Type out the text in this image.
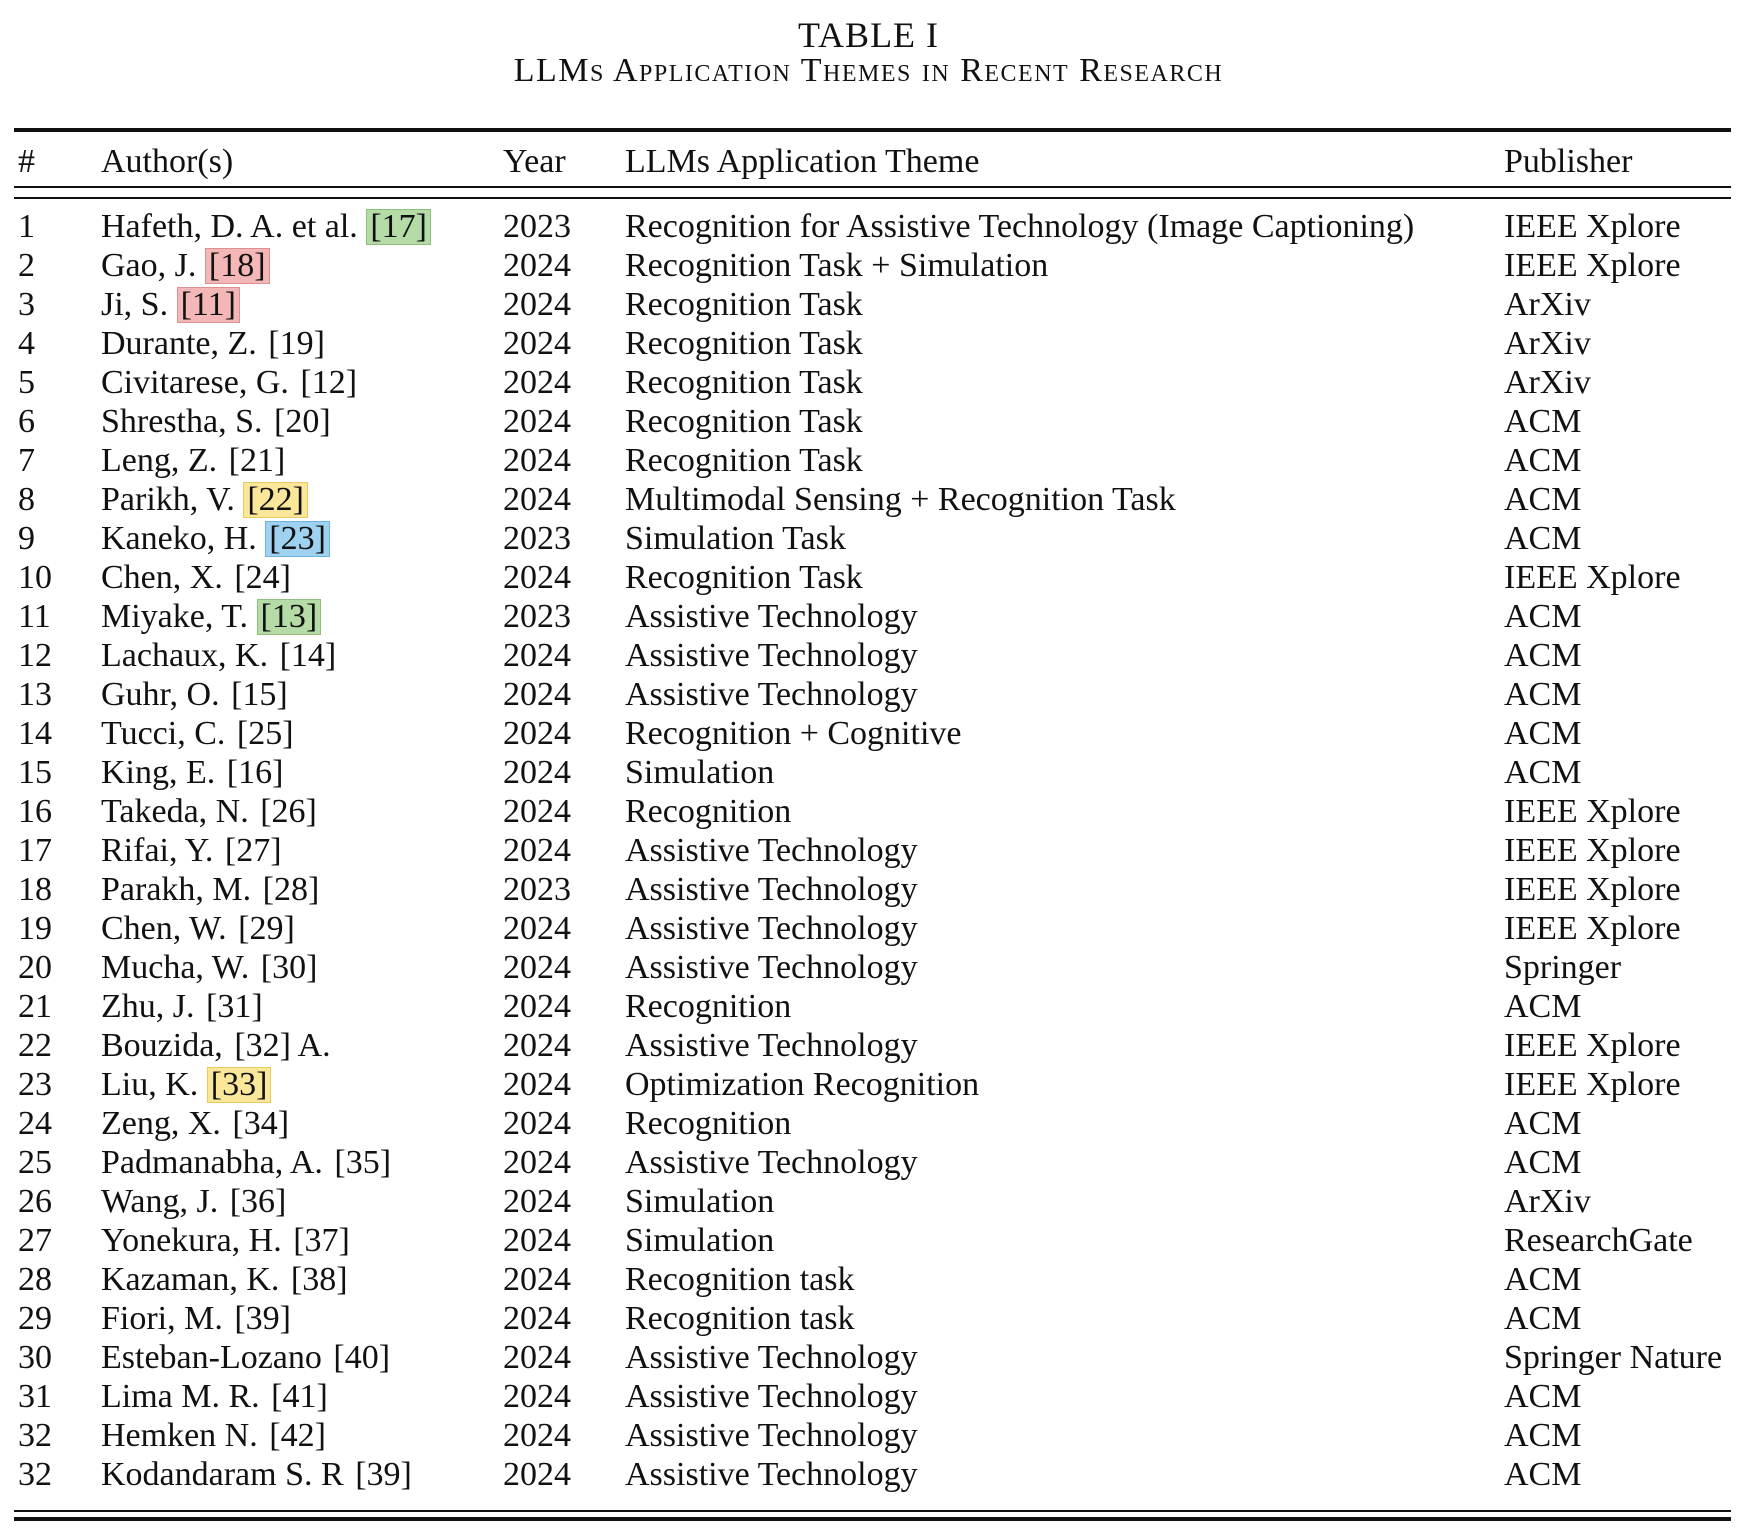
TABLE I
LLMs Application Themes in Recent Research
#	Author(s)	Year	LLMs Application Theme	Publisher
1	Hafeth, D. A. et al. [17]	2023	Recognition for Assistive Technology (Image Captioning)	IEEE Xplore
2	Gao, J. [18]	2024	Recognition Task + Simulation	IEEE Xplore
3	Ji, S. [11]	2024	Recognition Task	ArXiv
4	Durante, Z. [19]	2024	Recognition Task	ArXiv
5	Civitarese, G. [12]	2024	Recognition Task	ArXiv
6	Shrestha, S. [20]	2024	Recognition Task	ACM
7	Leng, Z. [21]	2024	Recognition Task	ACM
8	Parikh, V. [22]	2024	Multimodal Sensing + Recognition Task	ACM
9	Kaneko, H. [23]	2023	Simulation Task	ACM
10	Chen, X. [24]	2024	Recognition Task	IEEE Xplore
11	Miyake, T. [13]	2023	Assistive Technology	ACM
12	Lachaux, K. [14]	2024	Assistive Technology	ACM
13	Guhr, O. [15]	2024	Assistive Technology	ACM
14	Tucci, C. [25]	2024	Recognition + Cognitive	ACM
15	King, E. [16]	2024	Simulation	ACM
16	Takeda, N. [26]	2024	Recognition	IEEE Xplore
17	Rifai, Y. [27]	2024	Assistive Technology	IEEE Xplore
18	Parakh, M. [28]	2023	Assistive Technology	IEEE Xplore
19	Chen, W. [29]	2024	Assistive Technology	IEEE Xplore
20	Mucha, W. [30]	2024	Assistive Technology	Springer
21	Zhu, J. [31]	2024	Recognition	ACM
22	Bouzida, [32] A.	2024	Assistive Technology	IEEE Xplore
23	Liu, K. [33]	2024	Optimization Recognition	IEEE Xplore
24	Zeng, X. [34]	2024	Recognition	ACM
25	Padmanabha, A. [35]	2024	Assistive Technology	ACM
26	Wang, J. [36]	2024	Simulation	ArXiv
27	Yonekura, H. [37]	2024	Simulation	ResearchGate
28	Kazaman, K. [38]	2024	Recognition task	ACM
29	Fiori, M. [39]	2024	Recognition task	ACM
30	Esteban-Lozano [40]	2024	Assistive Technology	Springer Nature
31	Lima M. R. [41]	2024	Assistive Technology	ACM
32	Hemken N. [42]	2024	Assistive Technology	ACM
32	Kodandaram S. R [39]	2024	Assistive Technology	ACM
